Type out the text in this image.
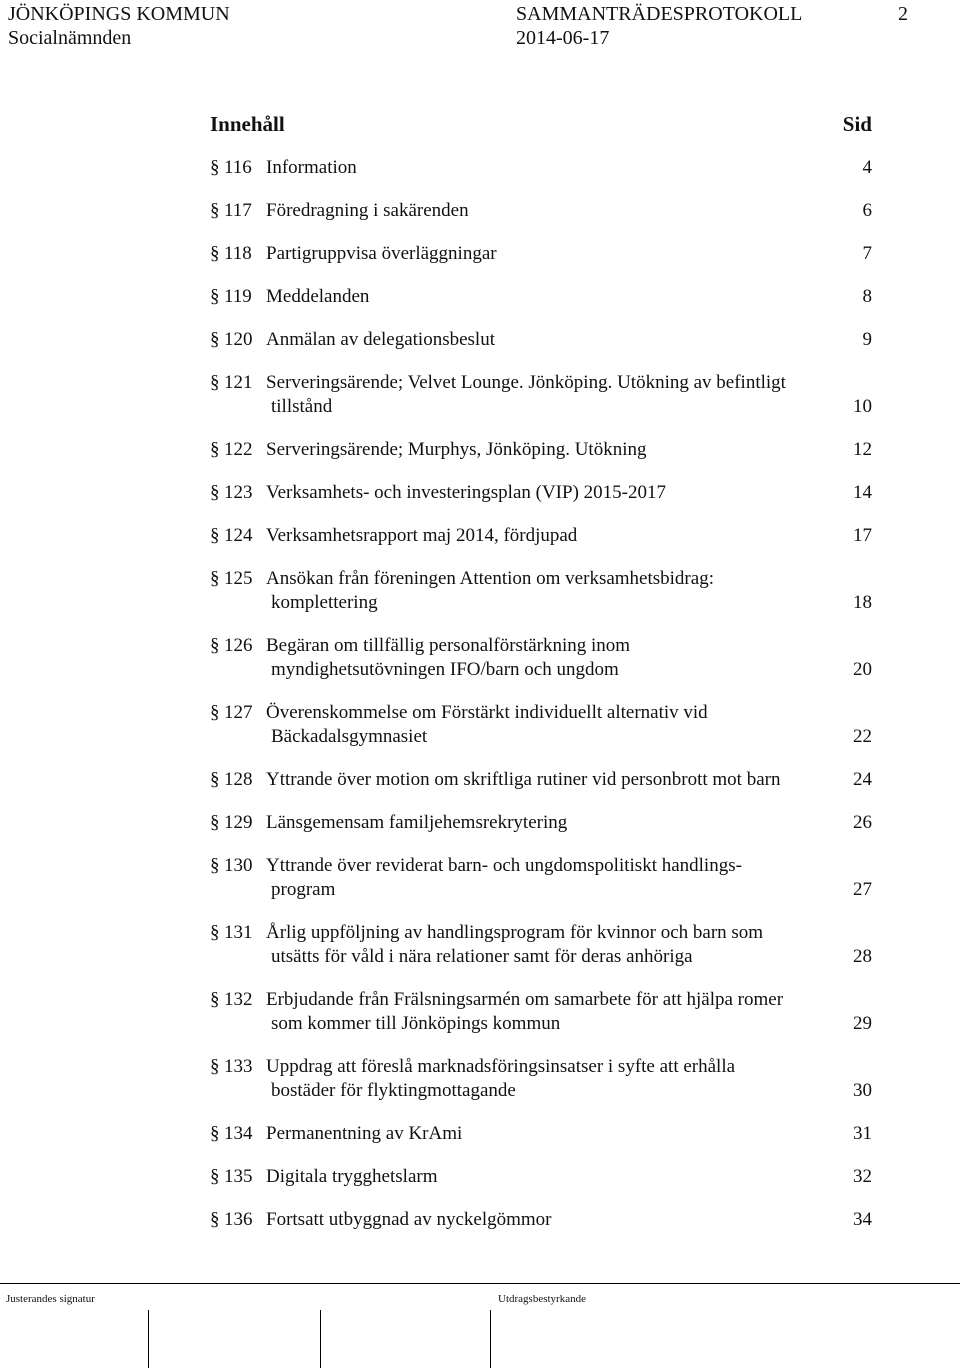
JÖNKÖPINGS KOMMUN	SAMMANTRÄDESPROTOKOLL	2
Socialnämnden	2014-06-17
Innehåll	Sid
§ 116 Information	4
§ 117 Föredragning i sakärenden	6
§ 118 Partigruppvisa överläggningar	7
§ 119 Meddelanden	8
§ 120 Anmälan av delegationsbeslut	9
§ 121 Serveringsärende; Velvet Lounge. Jönköping. Utökning av befintligt
tillstånd	10
§ 122 Serveringsärende; Murphys, Jönköping. Utökning	12
§ 123 Verksamhets- och investeringsplan (VIP) 2015-2017	14
§ 124 Verksamhetsrapport maj 2014, fördjupad	17
§ 125 Ansökan från föreningen Attention om verksamhetsbidrag:
komplettering	18
§ 126 Begäran om tillfällig personalförstärkning inom
myndighetsutövningen IFO/barn och ungdom	20
§ 127 Överenskommelse om Förstärkt individuellt alternativ vid
Bäckadalsgymnasiet	22
§ 128 Yttrande över motion om skriftliga rutiner vid personbrott mot barn	24
§ 129 Länsgemensam familjehemsrekrytering	26
§ 130 Yttrande över reviderat barn- och ungdomspolitiskt handlings-
program	27
§ 131 Årlig uppföljning av handlingsprogram för kvinnor och barn som
utsätts för våld i nära relationer samt för deras anhöriga	28
§ 132 Erbjudande från Frälsningsarmén om samarbete för att hjälpa romer
som kommer till Jönköpings kommun	29
§ 133 Uppdrag att föreslå marknadsföringsinsatser i syfte att erhålla
bostäder för flyktingmottagande	30
§ 134 Permanentning av KrAmi	31
§ 135 Digitala trygghetslarm	32
§ 136 Fortsatt utbyggnad av nyckelgömmor	34
Justerandes signatur	Utdragsbestyrkande
